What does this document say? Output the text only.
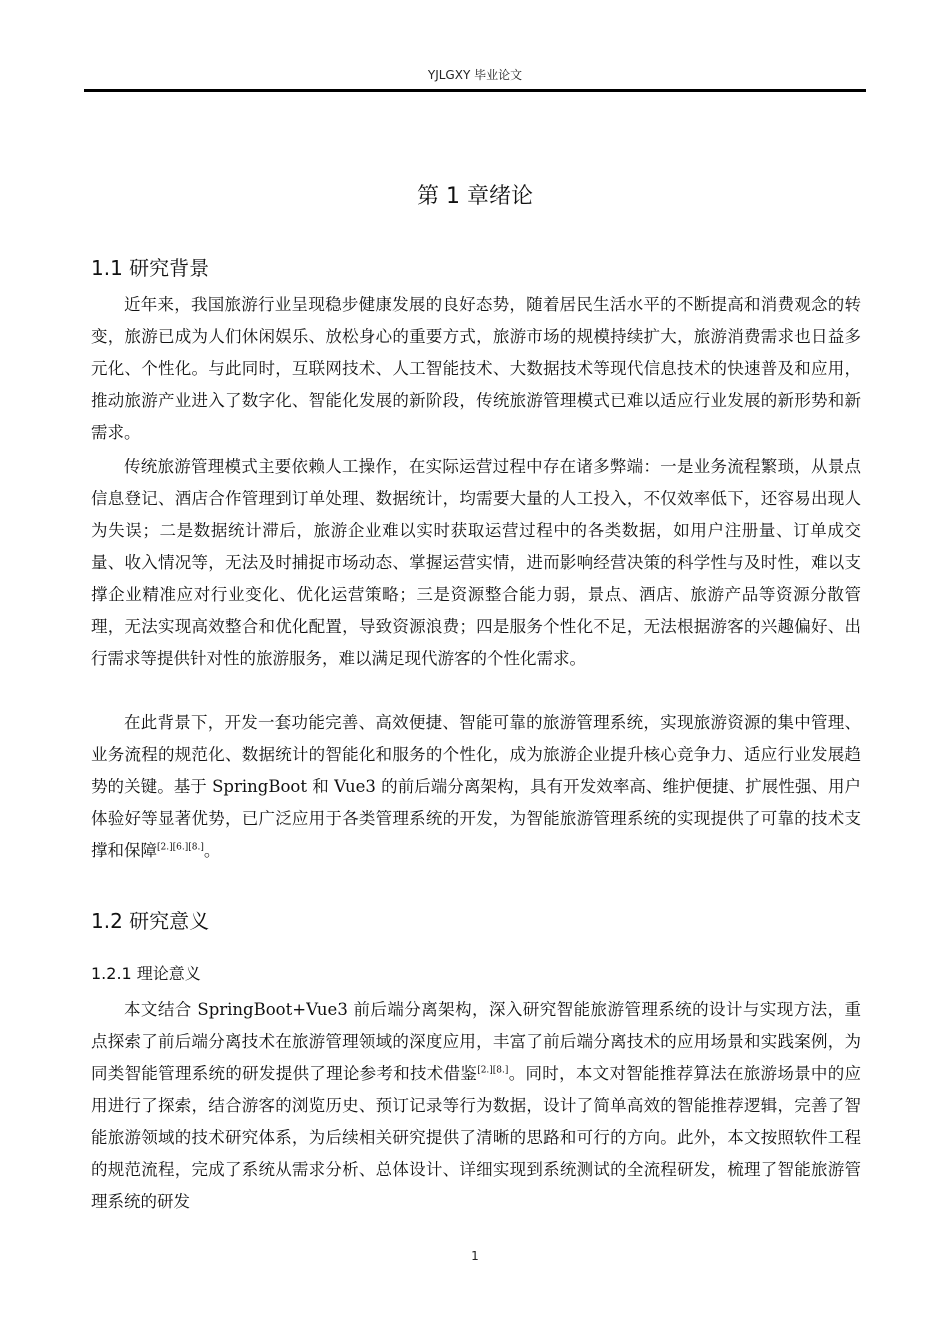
YJLGXY 毕业论文
第 1 章绪论
1.1 研究背景

近年来，我国旅游行业呈现稳步健康发展的良好态势，随着居民生活水平的不断提高和消费观念的转变，旅游已成为人们休闲娱乐、放松身心的重要方式，旅游市场的规模持续扩大，旅游消费需求也日益多元化、个性化。与此同时，互联网技术、人工智能技术、大数据技术等现代信息技术的快速普及和应用，推动旅游产业进入了数字化、智能化发展的新阶段，传统旅游管理模式已难以适应行业发展的新形势和新需求。

传统旅游管理模式主要依赖人工操作，在实际运营过程中存在诸多弊端：一是业务流程繁琐，从景点信息登记、酒店合作管理到订单处理、数据统计，均需要大量的人工投入，不仅效率低下，还容易出现人为失误；二是数据统计滞后，旅游企业难以实时获取运营过程中的各类数据，如用户注册量、订单成交量、收入情况等，无法及时捕捉市场动态、掌握运营实情，进而影响经营决策的科学性与及时性，难以支撑企业精准应对行业变化、优化运营策略；三是资源整合能力弱，景点、酒店、旅游产品等资源分散管理，无法实现高效整合和优化配置，导致资源浪费；四是服务个性化不足，无法根据游客的兴趣偏好、出行需求等提供针对性的旅游服务，难以满足现代游客的个性化需求。

在此背景下，开发一套功能完善、高效便捷、智能可靠的旅游管理系统，实现旅游资源的集中管理、业务流程的规范化、数据统计的智能化和服务的个性化，成为旅游企业提升核心竞争力、适应行业发展趋势的关键。基于 SpringBoot 和 Vue3 的前后端分离架构，具有开发效率高、维护便捷、扩展性强、用户体验好等显著优势，已广泛应用于各类管理系统的开发，为智能旅游管理系统的实现提供了可靠的技术支撑和保障[2.][6.][8.]。

1.2 研究意义
1.2.1 理论意义

本文结合 SpringBoot+Vue3 前后端分离架构，深入研究智能旅游管理系统的设计与实现方法，重点探索了前后端分离技术在旅游管理领域的深度应用，丰富了前后端分离技术的应用场景和实践案例，为同类智能管理系统的研发提供了理论参考和技术借鉴[2.][8.]。同时，本文对智能推荐算法在旅游场景中的应用进行了探索，结合游客的浏览历史、预订记录等行为数据，设计了简单高效的智能推荐逻辑，完善了智能旅游领域的技术研究体系，为后续相关研究提供了清晰的思路和可行的方向。此外，本文按照软件工程的规范流程，完成了系统从需求分析、总体设计、详细实现到系统测试的全流程研发，梳理了智能旅游管理系统的研发

1
